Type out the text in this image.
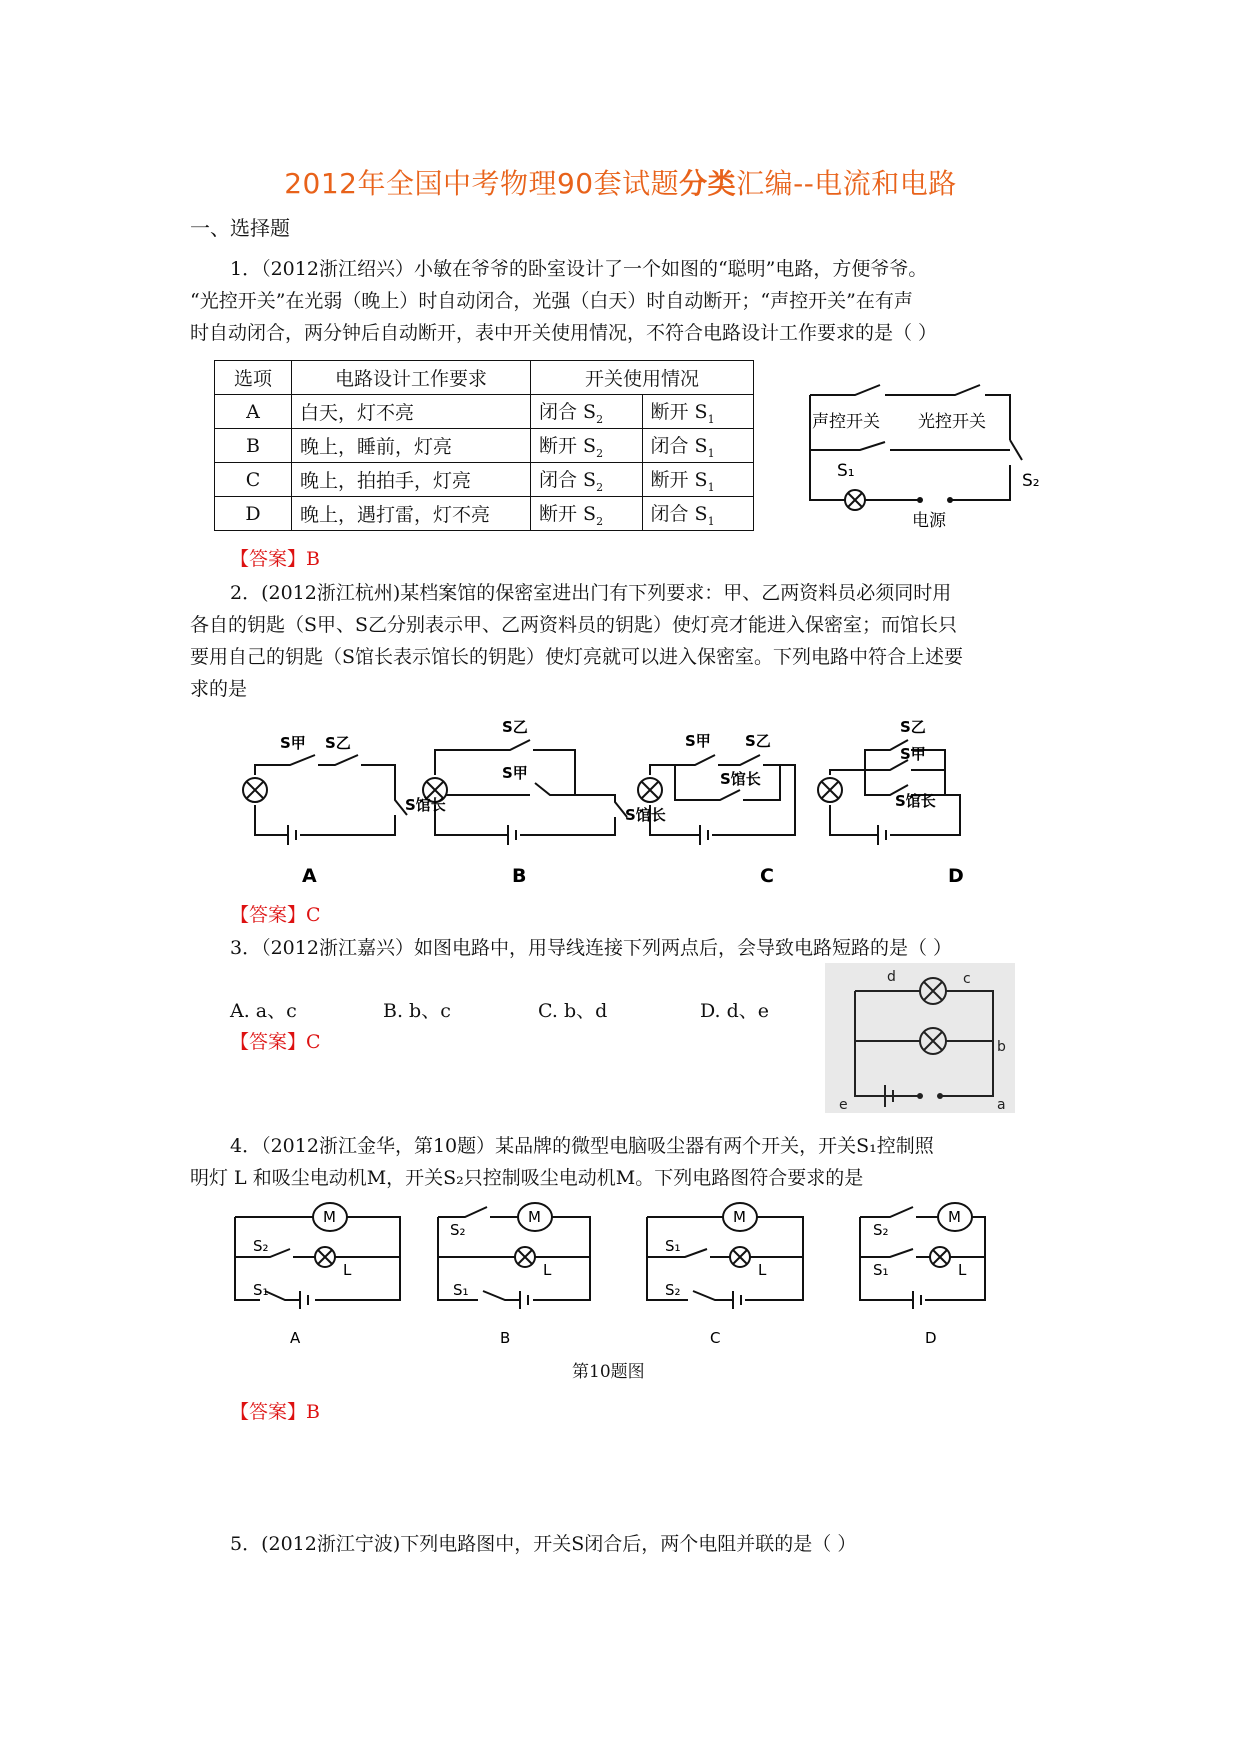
2012年全国中考物理90套试题分类汇编--电流和电路
一、选择题
1．（2012浙江绍兴）小敏在爷爷的卧室设计了一个如图的“聪明”电路，方便爷爷。
“光控开关”在光弱（晚上）时自动闭合，光强（白天）时自动断开；“声控开关”在有声
时自动闭合，两分钟后自动断开，表中开关使用情况，不符合电路设计工作要求的是（ ）
选项	电路设计工作要求	开关使用情况	
A	白天，灯不亮	闭合 $S_2$	断开 $S_1$
B	晚上，睡前，灯亮	断开 $S_2$	闭合 $S_1$
C	晚上，拍拍手，灯亮	闭合 $S_2$	断开 $S_1$
D	晚上，遇打雷，灯不亮	断开 $S_2$	闭合 $S_1$
声控开关 光控开关
S₁	S₂
电源
【答案】B
2．(2012浙江杭州)某档案馆的保密室进出门有下列要求：甲、乙两资料员必须同时用
各自的钥匙（S甲、S乙分别表示甲、乙两资料员的钥匙）使灯亮才能进入保密室；而馆长只
要用自己的钥匙（S馆长表示馆长的钥匙）使灯亮就可以进入保密室。下列电路中符合上述要
求的是
S甲 S乙
S馆长
S乙
S甲
S馆长
S甲 S乙
S馆长
S乙
S甲
S馆长
A	B	C	D
【答案】C
3．（2012浙江嘉兴）如图电路中，用导线连接下列两点后，会导致电路短路的是（ ）
A. a、c	B. b、c	C. b、d	D. d、e
【答案】C
d	c
b
e	a
4．（2012浙江金华，第10题）某品牌的微型电脑吸尘器有两个开关，开关S₁控制照
明灯 L 和吸尘电动机M，开关S₂只控制吸尘电动机M。下列电路图符合要求的是
S₂
S₁
M
L
S₂
S₁
M
L
S₁
S₂
M
L
S₂
S₁
M
L
A	B	C	D
第10题图
【答案】B
5．(2012浙江宁波)下列电路图中，开关S闭合后，两个电阻并联的是（ ）
